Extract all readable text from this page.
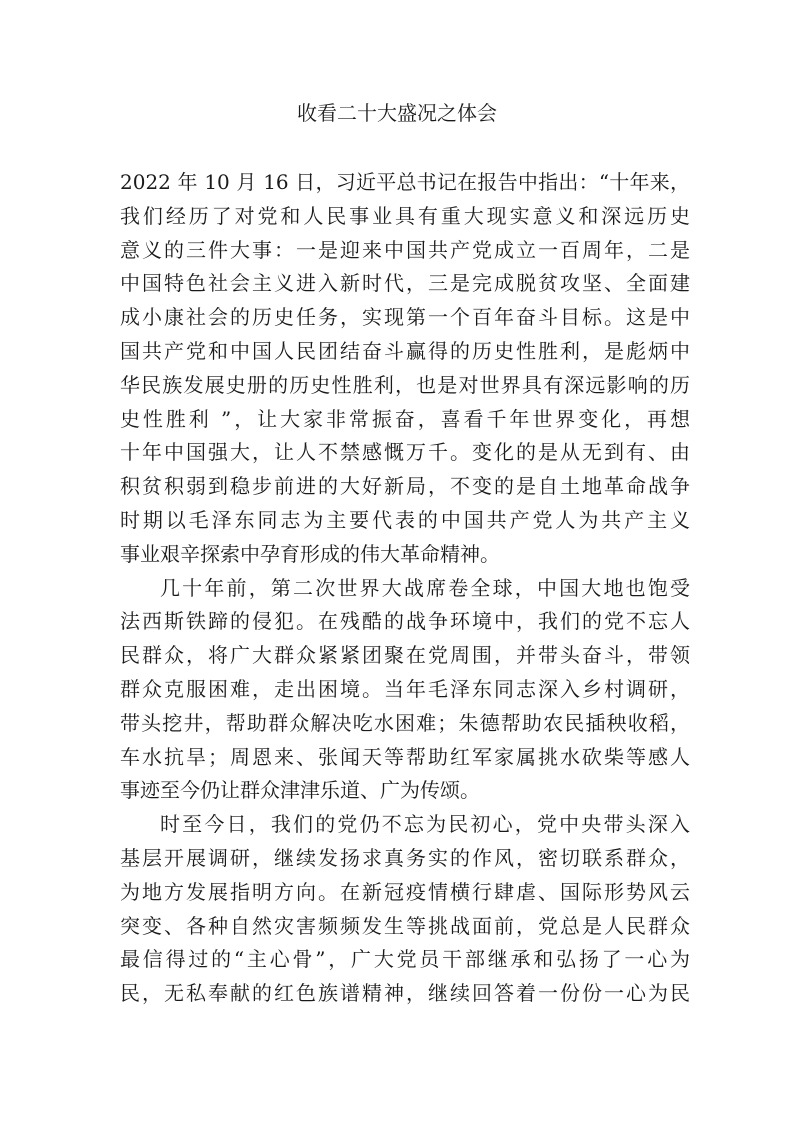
收看二十大盛况之体会
2022 年 10 月 16 日，习近平总书记在报告中指出：“十年来，
我们经历了对党和人民事业具有重大现实意义和深远历史
意义的三件大事：一是迎来中国共产党成立一百周年，二是
中国特色社会主义进入新时代，三是完成脱贫攻坚、全面建
成小康社会的历史任务，实现第一个百年奋斗目标。这是中
国共产党和中国人民团结奋斗赢得的历史性胜利，是彪炳中
华民族发展史册的历史性胜利，也是对世界具有深远影响的历
史性胜利 ”，让大家非常振奋，喜看千年世界变化，再想
十年中国强大，让人不禁感慨万千。变化的是从无到有、由
积贫积弱到稳步前进的大好新局，不变的是自土地革命战争
时期以毛泽东同志为主要代表的中国共产党人为共产主义
事业艰辛探索中孕育形成的伟大革命精神。
几十年前，第二次世界大战席卷全球，中国大地也饱受
法西斯铁蹄的侵犯。在残酷的战争环境中，我们的党不忘人
民群众，将广大群众紧紧团聚在党周围，并带头奋斗，带领
群众克服困难，走出困境。当年毛泽东同志深入乡村调研，
带头挖井，帮助群众解决吃水困难；朱德帮助农民插秧收稻，
车水抗旱；周恩来、张闻天等帮助红军家属挑水砍柴等感人
事迹至今仍让群众津津乐道、广为传颂。
时至今日，我们的党仍不忘为民初心，党中央带头深入
基层开展调研，继续发扬求真务实的作风，密切联系群众，
为地方发展指明方向。在新冠疫情横行肆虐、国际形势风云
突变、各种自然灾害频频发生等挑战面前，党总是人民群众
最信得过的“主心骨”，广大党员干部继承和弘扬了一心为
民，无私奉献的红色族谱精神，继续回答着一份份一心为民
